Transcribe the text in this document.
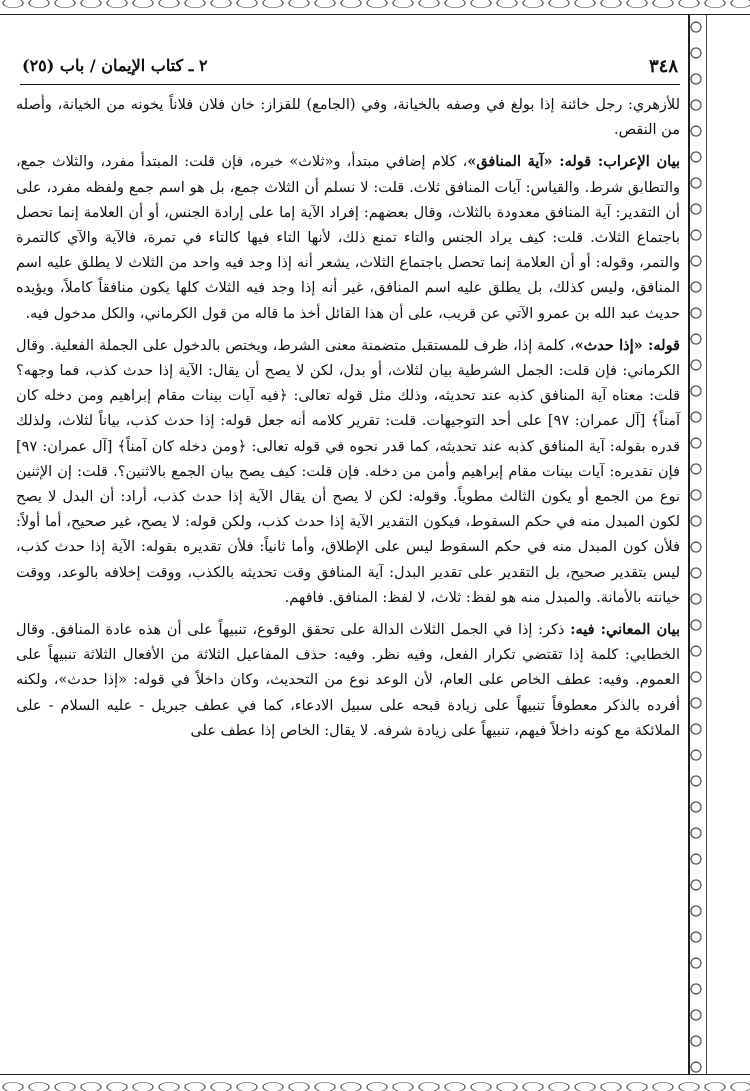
٣٤٨
٢ ـ كتاب الإيمان / باب (٢٥)

للأزهري: رجل خائنة إذا بولغ في وصفه بالخيانة، وفي (الجامع) للقزاز: خان فلان فلاناً يخونه من الخيانة، وأصله من النقص.

بيان الإعراب: قوله: «آية المنافق»، كلام إضافي مبتدأ، و«ثلاث» خبره، فإن قلت: المبتدأ مفرد، والثلاث جمع، والتطابق شرط. والقياس: آيات المنافق ثلاث. قلت: لا نسلم أن الثلاث جمع، بل هو اسم جمع ولفظه مفرد، على أن التقدير: آية المنافق معدودة بالثلاث، وقال بعضهم: إفراد الآية إما على إرادة الجنس، أو أن العلامة إنما تحصل باجتماع الثلاث. قلت: كيف يراد الجنس والتاء تمنع ذلك، لأنها التاء فيها كالتاء في تمرة، فالآية والآي كالتمرة والتمر، وقوله: أو أن العلامة إنما تحصل باجتماع الثلاث، يشعر أنه إذا وجد فيه واحد من الثلاث لا يطلق عليه اسم المنافق، وليس كذلك، بل يطلق عليه اسم المنافق، غير أنه إذا وجد فيه الثلاث كلها يكون منافقاً كاملاً، ويؤيده حديث عبد الله بن عمرو الآتي عن قريب، على أن هذا القائل أخذ ما قاله من قول الكرماني، والكل مدخول فيه.

قوله: «إذا حدث»، كلمة إذا، ظرف للمستقبل متضمنة معنى الشرط، ويختص بالدخول على الجملة الفعلية. وقال الكرماني: فإن قلت: الجمل الشرطية بيان لثلاث، أو بدل، لكن لا يصح أن يقال: الآية إذا حدث كذب، فما وجهه؟ قلت: معناه آية المنافق كذبه عند تحديثه، وذلك مثل قوله تعالى: ﴿فيه آيات بينات مقام إبراهيم ومن دخله كان آمناً﴾ [آل عمران: ٩٧] على أحد التوجيهات. قلت: تقرير كلامه أنه جعل قوله: إذا حدث كذب، بياناً لثلاث، ولذلك قدره بقوله: آية المنافق كذبه عند تحديثه، كما قدر نحوه في قوله تعالى: ﴿ومن دخله كان آمناً﴾ [آل عمران: ٩٧] فإن تقديره: آيات بينات مقام إبراهيم وأمن من دخله. فإن قلت: كيف يصح بيان الجمع بالاثنين؟. قلت: إن الإثنين نوع من الجمع أو يكون الثالث مطوياً. وقوله: لكن لا يصح أن يقال الآية إذا حدث كذب، أراد: أن البدل لا يصح لكون المبدل منه في حكم السقوط، فيكون التقدير الآية إذا حدث كذب، ولكن قوله: لا يصح، غير صحيح، أما أولاً: فلأن كون المبدل منه في حكم السقوط ليس على الإطلاق، وأما ثانياً: فلأن تقديره بقوله: الآية إذا حدث كذب، ليس بتقدير صحيح، بل التقدير على تقدير البدل: آية المنافق وقت تحديثه بالكذب، ووقت إخلافه بالوعد، ووقت خيانته بالأمانة. والمبدل منه هو لفظ: ثلاث، لا لفظ: المنافق. فافهم.

بيان المعاني: فيه: ذكر: إذا في الجمل الثلاث الدالة على تحقق الوقوع، تنبيهاً على أن هذه عادة المنافق. وقال الخطابي: كلمة إذا تقتضي تكرار الفعل، وفيه نظر. وفيه: حذف المفاعيل الثلاثة من الأفعال الثلاثة تنبيهاً على العموم. وفيه: عطف الخاص على العام، لأن الوعد نوع من التحديث، وكان داخلاً في قوله: «إذا حدث»، ولكنه أفرده بالذكر معطوفاً تنبيهاً على زيادة قبحه على سبيل الادعاء، كما في عطف جبريل - عليه السلام - على الملائكة مع كونه داخلاً فيهم، تنبيهاً على زيادة شرفه. لا يقال: الخاص إذا عطف على
